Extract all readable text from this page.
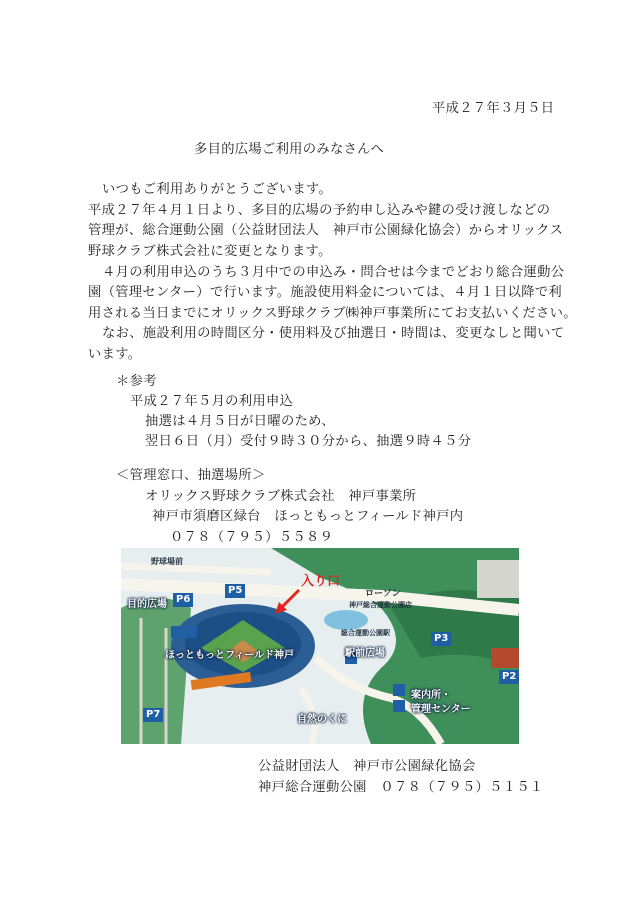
平成２７年３月５日
多目的広場ご利用のみなさんへ
いつもご利用ありがとうございます。
平成２７年４月１日より、多目的広場の予約申し込みや鍵の受け渡しなどの
管理が、総合運動公園（公益財団法人　神戸市公園緑化協会）からオリックス
野球クラブ株式会社に変更となります。
４月の利用申込のうち３月中での申込み・問合せは今までどおり総合運動公
園（管理センター）で行います。施設使用料金については、４月１日以降で利
用される当日までにオリックス野球クラブ㈱神戸事業所にてお支払いください。
なお、施設利用の時間区分・使用料及び抽選日・時間は、変更なしと聞いて
います。
＊参考
平成２７年５月の利用申込
抽選は４月５日が日曜のため、
翌日６日（月）受付９時３０分から、抽選９時４５分
＜管理窓口、抽選場所＞
オリックス野球クラブ株式会社　神戸事業所
神戸市須磨区緑台　ほっともっとフィールド神戸内
０７８（７９５）５５８９
野球場前
目的広場 P6
P5
入り口
ローソン
神戸総合運動公園店
総合運動公園駅	P3
駅前広場
ほっともっとフィールド神戸
P2
案内所・
管理センター
P7	自然のくに
公益財団法人　神戸市公園緑化協会
神戸総合運動公園　０７８（７９５）５１５１
